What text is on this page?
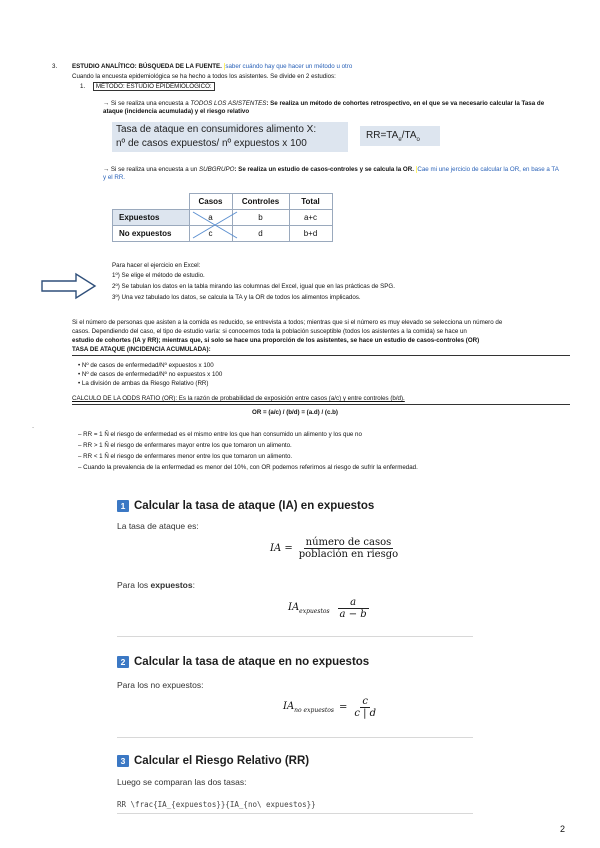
3. ESTUDIO ANALÍTICO: BÚSQUEDA DE LA FUENTE. saber cuándo hay que hacer un método u otro
Cuando la encuesta epidemiológica se ha hecho a todos los asistentes. Se divide en 2 estudios:
1. MÉTODO: ESTUDIO EPIDEMIOLÓGICO:
→ Si se realiza una encuesta a TODOS LOS ASISTENTES: Se realiza un método de cohortes retrospectivo, en el que se va necesario calcular la Tasa de ataque (incidencia acumulada) y el riesgo relativo
Tasa de ataque en consumidores alimento X:
nº de casos expuestos/ nº expuestos x 100
$RR=TA_e/TA_o$
→ Si se realiza una encuesta a un SUBGRUPO: Se realiza un estudio de casos-controles y se calcula la OR. Cae mi une jercicio de calcular la OR, en base a TA y el RR.
	Casos	Controles	Total
Expuestos	a	b	a+c
No expuestos	c	d	b+d
Para hacer el ejercicio en Excel:
1º) Se elige el método de estudio.
2º) Se tabulan los datos en la tabla mirando las columnas del Excel, igual que en las prácticas de SPG.
3º) Una vez tabulado los datos, se calcula la TA y la OR de todos los alimentos implicados.
Si el número de personas que asisten a la comida es reducido, se entrevista a todos; mientras que si el número es muy elevado se selecciona un número de
casos. Dependiendo del caso, el tipo de estudio varía: si conocemos toda la población susceptible (todos los asistentes a la comida) se hace un
estudio de cohortes (IA y RR); mientras que, si solo se hace una proporción de los asistentes, se hace un estudio de casos-controles (OR)
TASA DE ATAQUE (INCIDENCIA ACUMULADA):
• Nº de casos de enfermedad/Nº expuestos x 100
• Nº de casos de enfermedad/Nº no expuestos x 100
• La división de ambas da Riesgo Relativo (RR)
CALCULO DE LA ODDS RATIO (OR): Es la razón de probabilidad de exposición entre casos (a/c) y entre controles (b/d).
OR = (a/c) / (b/d) = (a.d) / (c.b)
·
– RR = 1 Ñ el riesgo de enfermedad es el mismo entre los que han consumido un alimento y los que no
– RR > 1 Ñ el riesgo de enfermares mayor entre los que tomaron un alimento.
– RR < 1 Ñ el riesgo de enfermares menor entre los que tomaron un alimento.
– Cuando la prevalencia de la enfermedad es menor del 10%, con OR podemos referirnos al riesgo de sufrir la enfermedad.
1 Calcular la tasa de ataque (IA) en expuestos
La tasa de ataque es:
IA = $\frac{\text{número de casos}}{\text{población en riesgo}}$
Para los expuestos:
$IA_{expuestos} \frac{a}{a - b}$
2 Calcular la tasa de ataque en no expuestos
Para los no expuestos:
$IA_{no expuestos} = \frac{c}{c | d}$
3 Calcular el Riesgo Relativo (RR)
Luego se comparan las dos tasas:
RR \frac{IA_{expuestos}}{IA_{no\ expuestos}}
2
